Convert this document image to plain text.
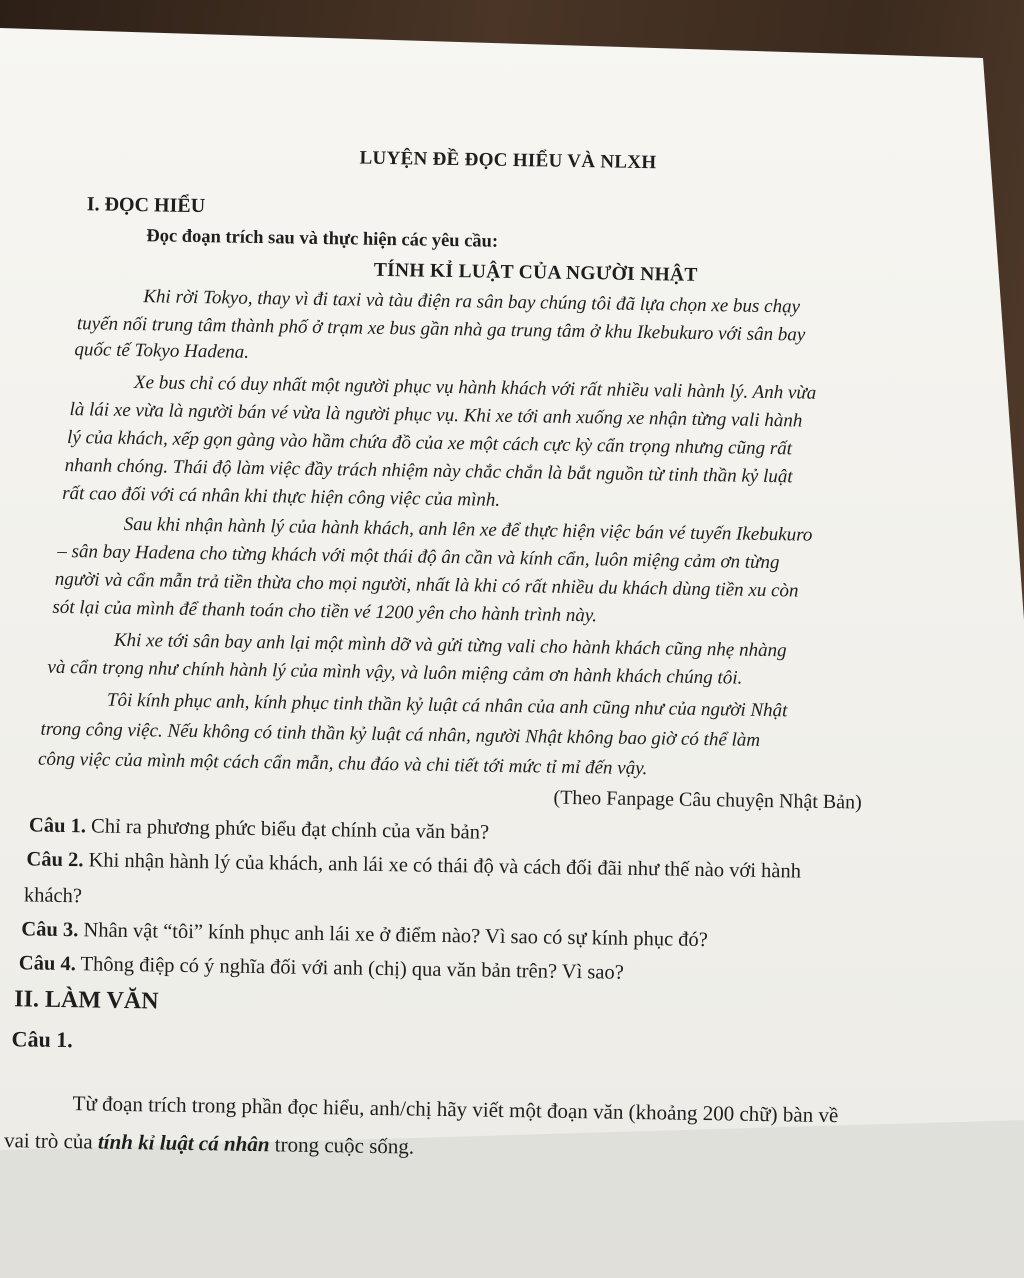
LUYỆN ĐỀ ĐỌC HIỂU VÀ NLXH

I. ĐỌC HIỂU

Đọc đoạn trích sau và thực hiện các yêu cầu:

TÍNH KỈ LUẬT CỦA NGƯỜI NHẬT

Khi rời Tokyo, thay vì đi taxi và tàu điện ra sân bay chúng tôi đã lựa chọn xe bus chạy

tuyến nối trung tâm thành phố ở trạm xe bus gần nhà ga trung tâm ở khu Ikebukuro với sân bay

quốc tế Tokyo Hadena.

Xe bus chỉ có duy nhất một người phục vụ hành khách với rất nhiều vali hành lý. Anh vừa

là lái xe vừa là người bán vé vừa là người phục vụ. Khi xe tới anh xuống xe nhận từng vali hành

lý của khách, xếp gọn gàng vào hầm chứa đồ của xe một cách cực kỳ cẩn trọng nhưng cũng rất

nhanh chóng. Thái độ làm việc đầy trách nhiệm này chắc chắn là bắt nguồn từ tinh thần kỷ luật

rất cao đối với cá nhân khi thực hiện công việc của mình.

Sau khi nhận hành lý của hành khách, anh lên xe để thực hiện việc bán vé tuyến Ikebukuro

– sân bay Hadena cho từng khách với một thái độ ân cần và kính cẩn, luôn miệng cảm ơn từng

người và cẩn mẫn trả tiền thừa cho mọi người, nhất là khi có rất nhiều du khách dùng tiền xu còn

sót lại của mình để thanh toán cho tiền vé 1200 yên cho hành trình này.

Khi xe tới sân bay anh lại một mình dỡ và gửi từng vali cho hành khách cũng nhẹ nhàng

và cẩn trọng như chính hành lý của mình vậy, và luôn miệng cảm ơn hành khách chúng tôi.

Tôi kính phục anh, kính phục tinh thần kỷ luật cá nhân của anh cũng như của người Nhật

trong công việc. Nếu không có tinh thần kỷ luật cá nhân, người Nhật không bao giờ có thể làm

công việc của mình một cách cẩn mẫn, chu đáo và chi tiết tới mức tỉ mỉ đến vậy.

(Theo Fanpage Câu chuyện Nhật Bản)

Câu 1. Chỉ ra phương phức biểu đạt chính của văn bản?

Câu 2. Khi nhận hành lý của khách, anh lái xe có thái độ và cách đối đãi như thế nào với hành

khách?

Câu 3. Nhân vật “tôi” kính phục anh lái xe ở điểm nào? Vì sao có sự kính phục đó?

Câu 4. Thông điệp có ý nghĩa đối với anh (chị) qua văn bản trên? Vì sao?

II. LÀM VĂN

Câu 1.

Từ đoạn trích trong phần đọc hiểu, anh/chị hãy viết một đoạn văn (khoảng 200 chữ) bàn về

vai trò của tính kỉ luật cá nhân trong cuộc sống.
